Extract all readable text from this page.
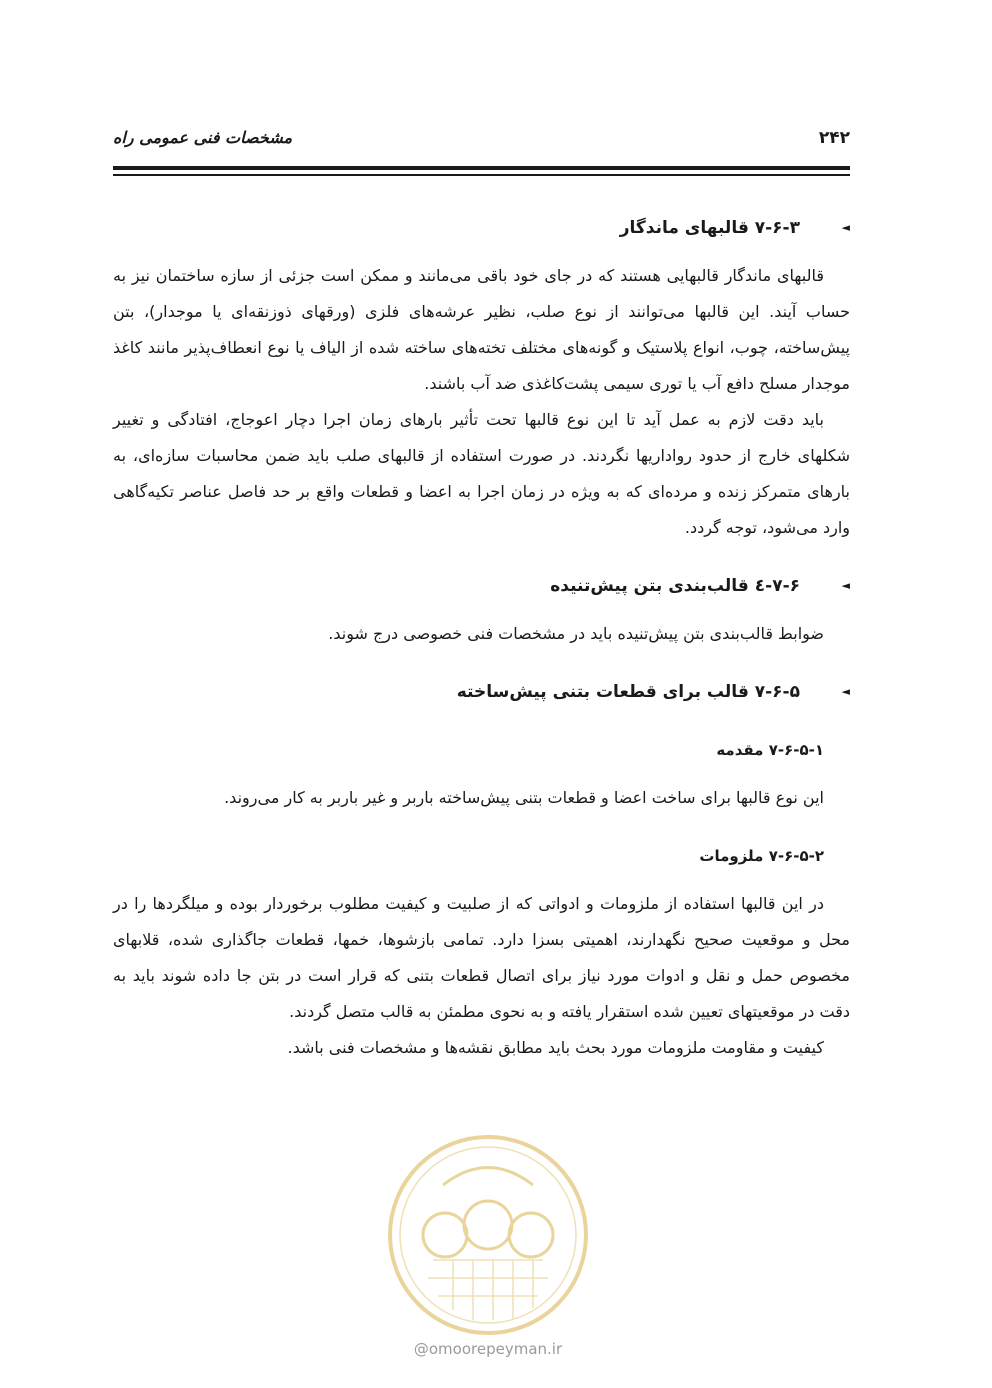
مشخصات فنی عمومی راه	۲۴۲
◄
۷-۶-۳ قالبهای ماندگار

قالبهای ماندگار قالبهایی هستند که در جای خود باقی می‌مانند و ممکن است جزئی از سازه ساختمان نیز به حساب آیند. این قالبها می‌توانند از نوع صلب، نظیر عرشه‌های فلزی (ورقهای ذوزنقه‌ای یا موجدار)، بتن پیش‌ساخته، چوب، انواع پلاستیک و گونه‌های مختلف تخته‌های ساخته شده از الیاف یا نوع انعطاف‌پذیر مانند کاغذ موجدار مسلح دافع آب یا توری سیمی پشت‌کاغذی ضد آب باشند.

باید دقت لازم به عمل آید تا این نوع قالبها تحت تأثیر بارهای زمان اجرا دچار اعوجاج، افتادگی و تغییر شکلهای خارج از حدود رواداریها نگردند. در صورت استفاده از قالبهای صلب باید ضمن محاسبات سازه‌ای، به بارهای متمرکز زنده و مرده‌ای که به ویژه در زمان اجرا به اعضا و قطعات واقع بر حد فاصل عناصر تکیه‌گاهی وارد می‌شود، توجه گردد.

◄
۷-۶-٤ قالب‌بندی بتن پیش‌تنیده

ضوابط قالب‌بندی بتن پیش‌تنیده باید در مشخصات فنی خصوصی درج شوند.

◄
۷-۶-۵ قالب برای قطعات بتنی پیش‌ساخته
۷-۶-۵-۱ مقدمه

این نوع قالبها برای ساخت اعضا و قطعات بتنی پیش‌ساخته باربر و غیر باربر به کار می‌روند.

۷-۶-۵-۲ ملزومات

در این قالبها استفاده از ملزومات و ادواتی که از صلبیت و کیفیت مطلوب برخوردار بوده و میلگردها را در محل و موقعیت صحیح نگهدارند، اهمیتی بسزا دارد. تمامی بازشوها، خمها، قطعات جاگذاری شده، قلابهای مخصوص حمل و نقل و ادوات مورد نیاز برای اتصال قطعات بتنی که قرار است در بتن جا داده شوند باید به دقت در موقعیتهای تعیین شده استقرار یافته و به نحوی مطمئن به قالب متصل گردند.

کیفیت و مقاومت ملزومات مورد بحث باید مطابق نقشه‌ها و مشخصات فنی باشد.

@omoorepeyman.ir
